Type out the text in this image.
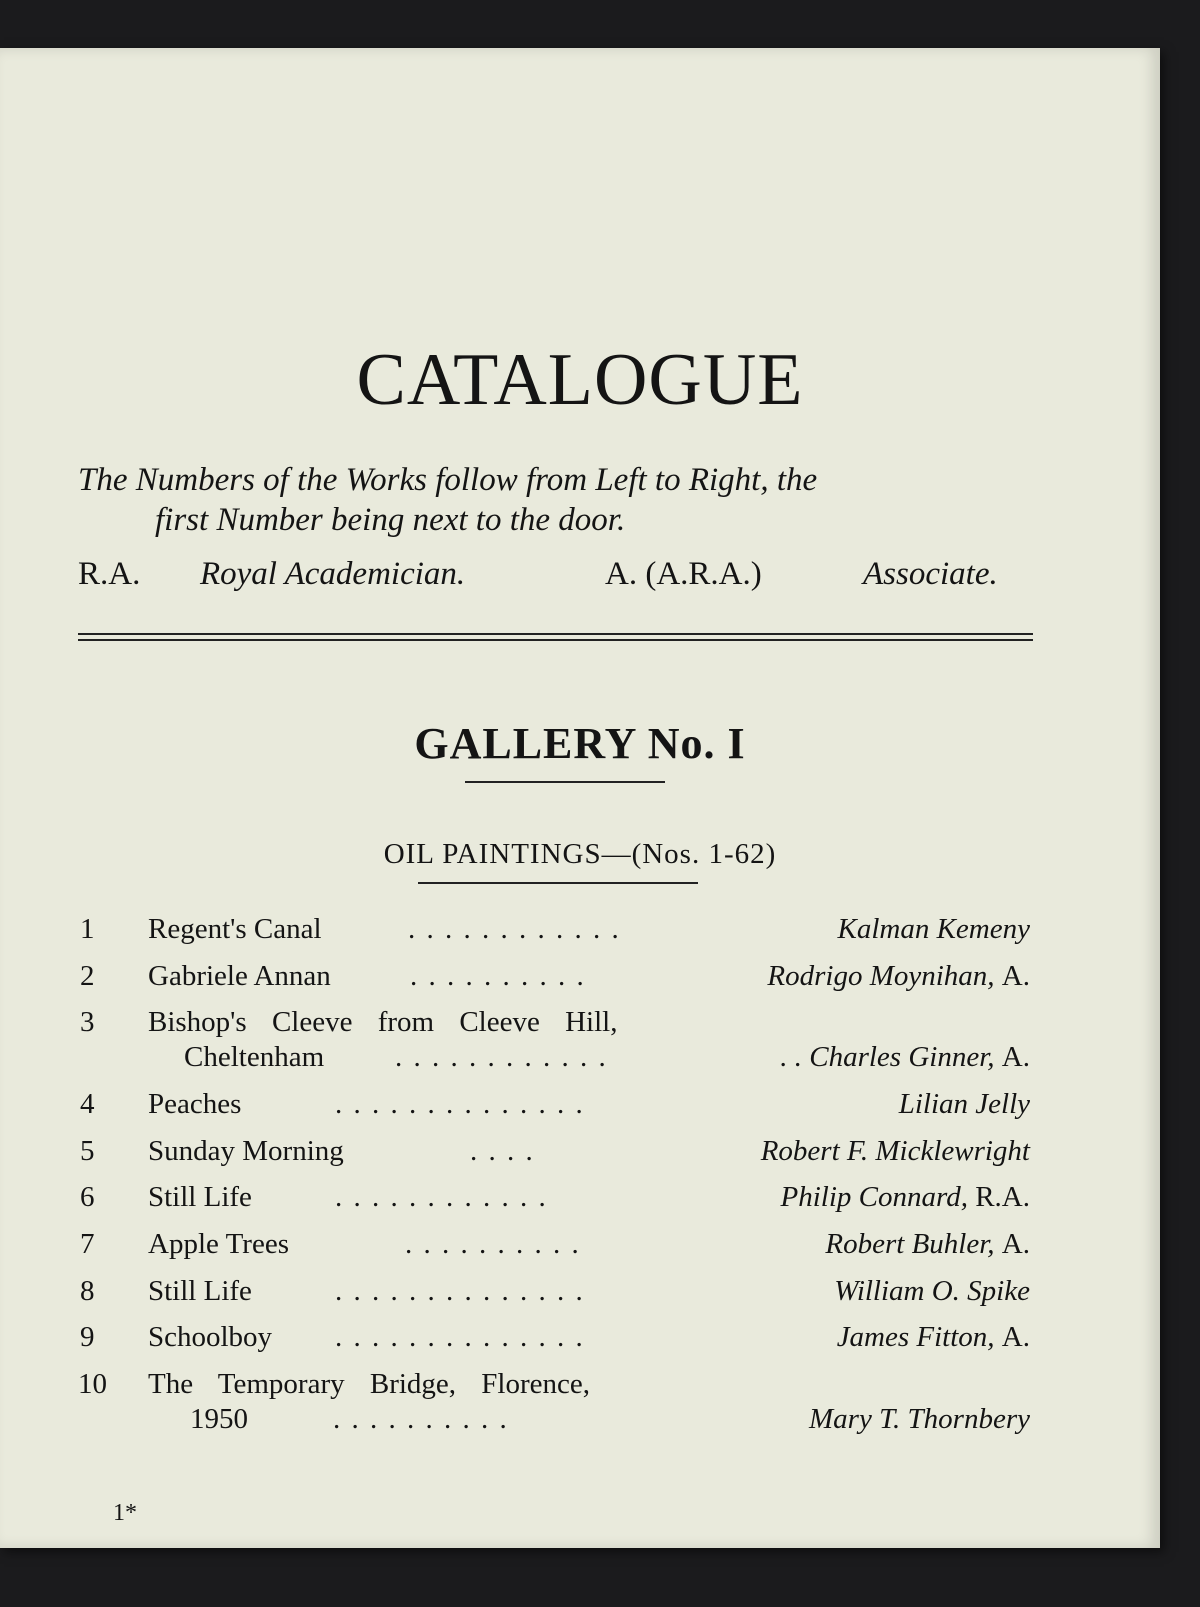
CATALOGUE
The Numbers of the Works follow from Left to Right, the
first Number being next to the door.
R.A. Royal Academician.	A. (A.R.A.)	Associate.
GALLERY No. I
OIL PAINTINGS—(Nos. 1-62)
1	Regent's Canal	. . . . . . . . . . . .	Kalman Kemeny
2	Gabriele Annan	. . . . . . . . . .	Rodrigo Moynihan, A.
3	Bishop's Cleeve from Cleeve Hill,
Cheltenham . . . . . . . . . . . .	. . Charles Ginner, A.
4	Peaches	. . . . . . . . . . . . . .	Lilian Jelly
5	Sunday Morning	. . . .	Robert F. Micklewright
6	Still Life	. . . . . . . . . . . .	Philip Connard, R.A.
7	Apple Trees	. . . . . . . . . .	Robert Buhler, A.
8	Still Life	. . . . . . . . . . . . . .	William O. Spike
9	Schoolboy . . . . . . . . . . . . . .	James Fitton, A.
10	The Temporary Bridge, Florence,
1950	. . . . . . . . . .	Mary T. Thornbery
1*
